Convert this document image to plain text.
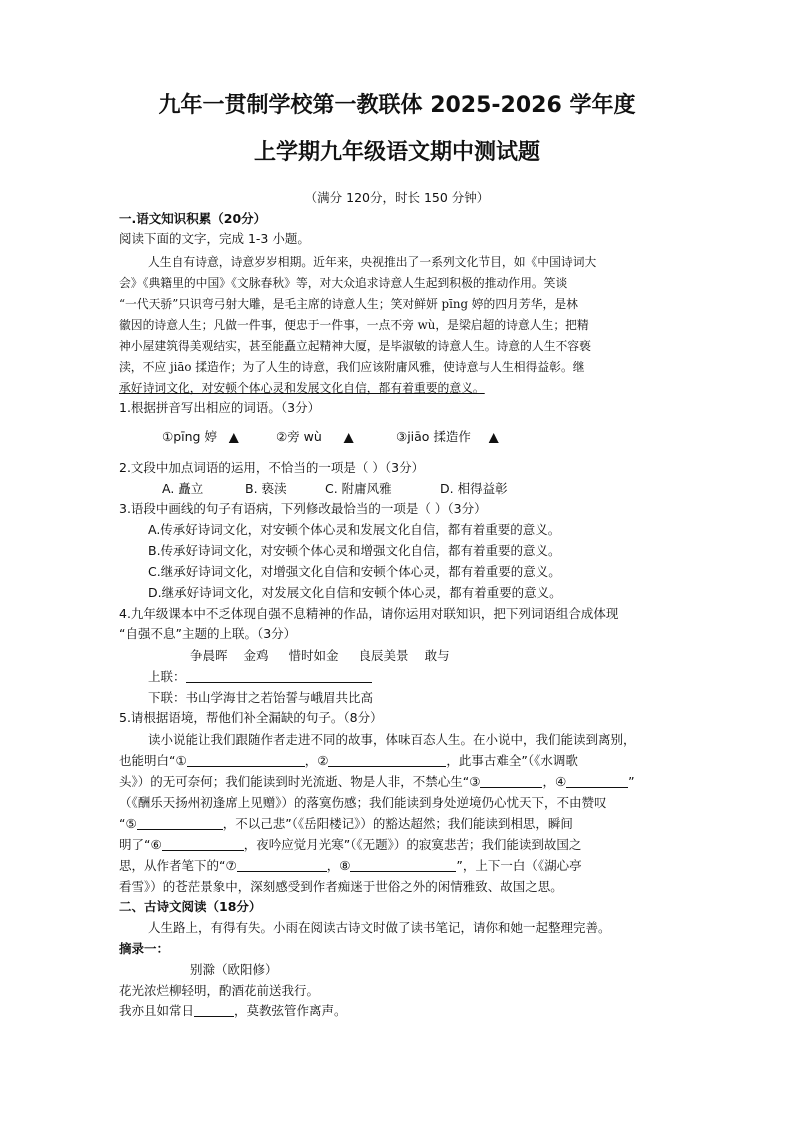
九年一贯制学校第一教联体 2025-2026 学年度
上学期九年级语文期中测试题
（满分 120分，时长 150 分钟）
一.语文知识积累（20分）
阅读下面的文字，完成 1-3 小题。
人生自有诗意，诗意岁岁相期。近年来，央视推出了一系列文化节目，如《中国诗词大
会》《典籍里的中国》《文脉春秋》等，对大众追求诗意人生起到积极的推动作用。笑谈
“一代天骄”只识弯弓射大雕，是毛主席的诗意人生；笑对鲜妍 pīng 婷的四月芳华，是林
徽因的诗意人生；凡做一件事，便忠于一件事，一点不旁 wù，是梁启超的诗意人生；把精
神小屋建筑得美观结实，甚至能矗立起精神大厦，是毕淑敏的诗意人生。诗意的人生不容亵
渎，不应 jiāo 揉造作；为了人生的诗意，我们应该附庸风雅，使诗意与人生相得益彰。继
承好诗词文化，对安顿个体心灵和发展文化自信，都有着重要的意义。
1.根据拼音写出相应的词语。（3分）
①pīng 婷 ▲	②旁 wù ▲	③jiāo 揉造作 ▲
2.文段中加点词语的运用，不恰当的一项是（ ）（3分）
A. 矗立	B. 亵渎	C. 附庸风雅	D. 相得益彰
3.语段中画线的句子有语病，下列修改最恰当的一项是（ ）（3分）
A.传承好诗词文化，对安顿个体心灵和发展文化自信，都有着重要的意义。
B.传承好诗词文化，对安顿个体心灵和增强文化自信，都有着重要的意义。
C.继承好诗词文化，对增强文化自信和安顿个体心灵，都有着重要的意义。
D.继承好诗词文化，对发展文化自信和安顿个体心灵，都有着重要的意义。
4.九年级课本中不乏体现自强不息精神的作品，请你运用对联知识，把下列词语组合成体现
“自强不息”主题的上联。（3分）
争晨晖 金鸡 惜时如金 良辰美景 敢与
上联：
下联：书山学海甘之若饴誓与峨眉共比高
5.请根据语境，帮他们补全漏缺的句子。（8分）
读小说能让我们跟随作者走进不同的故事，体味百态人生。在小说中，我们能读到离别，
也能明白“①	，②	，此事古难全”（《水调歌
头》）的无可奈何；我们能读到时光流逝、物是人非，不禁心生“③	，④	”
（《酬乐天扬州初逢席上见赠》）的落寞伤感；我们能读到身处逆境仍心忧天下，不由赞叹
“⑤	，不以己悲”（《岳阳楼记》）的豁达超然；我们能读到相思，瞬间
明了“⑥	，夜吟应觉月光寒”（《无题》）的寂寞悲苦；我们能读到故国之
思，从作者笔下的“⑦	，⑧	”，上下一白（《湖心亭
看雪》）的苍茫景象中，深刻感受到作者痴迷于世俗之外的闲情雅致、故国之思。
二、古诗文阅读（18分）
人生路上，有得有失。小雨在阅读古诗文时做了读书笔记，请你和她一起整理完善。
摘录一：
别滁（欧阳修）
花光浓烂柳轻明，酌酒花前送我行。
我亦且如常日	，莫教弦管作离声。
